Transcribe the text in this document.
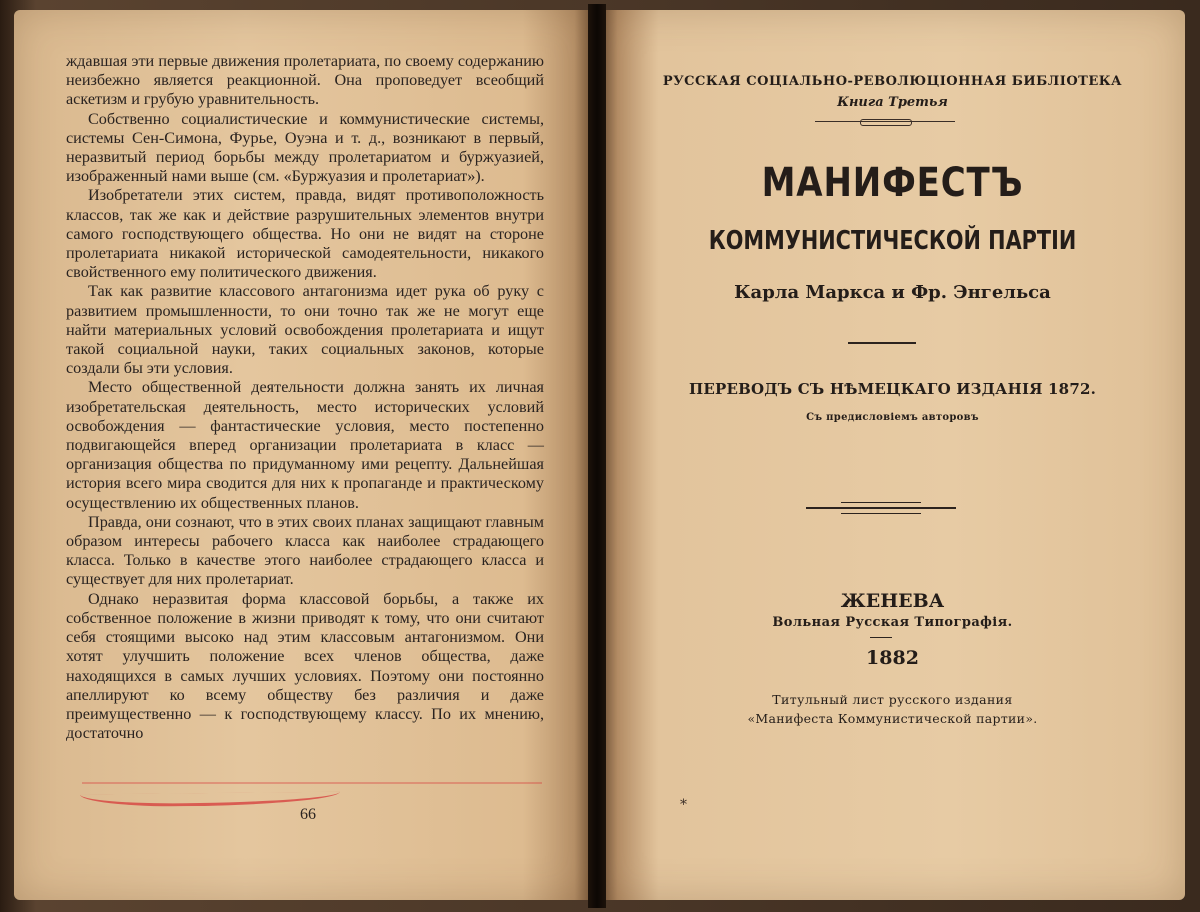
ждавшая эти первые движения пролетариата, по своему содержанию неизбежно является реакционной. Она проповедует всеобщий аскетизм и грубую уравнительность.

Собственно социалистические и коммунистические системы, системы Сен-Симона, Фурье, Оуэна и т. д., возникают в первый, неразвитый период борьбы между пролетариатом и буржуазией, изображенный нами выше (см. «Буржуазия и пролетариат»).

Изобретатели этих систем, правда, видят противоположность классов, так же как и действие разрушительных элементов внутри самого господствующего общества. Но они не видят на стороне пролетариата никакой исторической самодеятельности, никакого свойственного ему политического движения.

Так как развитие классового антагонизма идет рука об руку с развитием промышленности, то они точно так же не могут еще найти материальных условий освобождения пролетариата и ищут такой социальной науки, таких социальных законов, которые создали бы эти условия.

Место общественной деятельности должна занять их личная изобретательская деятельность, место исторических условий освобождения — фантастические условия, место постепенно подвигающейся вперед организации пролетариата в класс — организация общества по придуманному ими рецепту. Дальнейшая история всего мира сводится для них к пропаганде и практическому осуществлению их общественных планов.

Правда, они сознают, что в этих своих планах защищают главным образом интересы рабочего класса как наиболее страдающего класса. Только в качестве этого наиболее страдающего класса и существует для них пролетариат.

Однако неразвитая форма классовой борьбы, а также их собственное положение в жизни приводят к тому, что они считают себя стоящими высоко над этим классовым антагонизмом. Они хотят улучшить положение всех членов общества, даже находящихся в самых лучших условиях. Поэтому они постоянно апеллируют ко всему обществу без различия и даже преимущественно — к господствующему классу. По их мнению, достаточно

66
РУССКАЯ СОЦІАЛЬНО-РЕВОЛЮЦІОННАЯ БИБЛІОТЕКА
Книга Третья
МАНИФЕСТЪ
КОММУНИСТИЧЕСКОЙ ПАРТІИ
Карла Маркса и Фр. Энгельса
ПЕРЕВОДЪ СЪ НѢМЕЦКАГО ИЗДАНІЯ 1872.
Съ предисловіемъ авторовъ
ЖЕНЕВА
Вольная Русская Типографія.
1882
Титульный лист русского издания
«Манифеста Коммунистической партии».
*
